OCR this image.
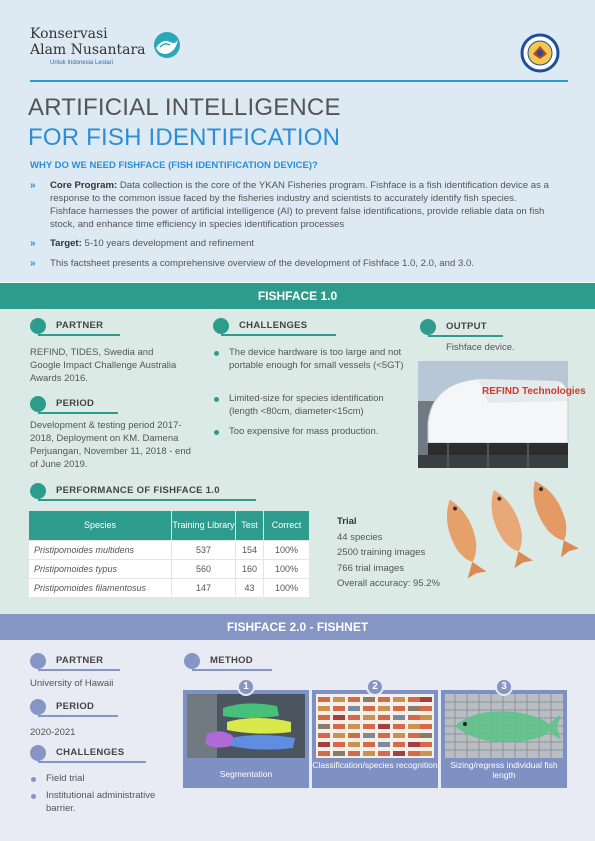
Konservasi
Alam Nusantara
Untuk Indonesia Lestari
ARTIFICIAL INTELLIGENCE
FOR FISH IDENTIFICATION
WHY DO WE NEED FISHFACE (FISH IDENTIFICATION DEVICE)?
» Core Program: Data collection is the core of the YKAN Fisheries program. Fishface is a fish identification device as a response to the common issue faced by the fisheries industry and scientists to accurately identify fish species. Fishface harnesses the power of artificial intelligence (AI) to prevent false identifications, provide reliable data on fish stock, and enhance time efficiency in species identification processes
» Target: 5-10 years development and refinement
» This factsheet presents a comprehensive overview of the development of Fishface 1.0, 2.0, and 3.0.
FISHFACE 1.0
PARTNER
REFIND, TIDES, Swedia and Google Impact Challenge Australia Awards 2016.
PERIOD
Development & testing period 2017-2018, Deployment on KM. Damena Perjuangan, November 11, 2018 - end of June 2019.
CHALLENGES
The device hardware is too large and not portable enough for small vessels (<5GT)
Limited-size for species identification (length <80cm, diameter<15cm)
Too expensive for mass production.
OUTPUT
Fishface device.
REFIND Technologies
PERFORMANCE OF FISHFACE 1.0
Species	Training Library	Test	Correct
Pristipomoides multidens	537	154	100%
Pristipomoides typus	560	160	100%
Pristipomoides filamentosus	147	43	100%
Trial
44 species
2500 training images
766 trial images
Overall accuracy: 95.2%
FISHFACE 2.0 - FISHNET
PARTNER
University of Hawaii
PERIOD
2020-2021
CHALLENGES
Field trial
Institutional administrative barrier.
METHOD
1
Segmentation
2
Classification/species recognition
3
Sizing/regress individual fish length
